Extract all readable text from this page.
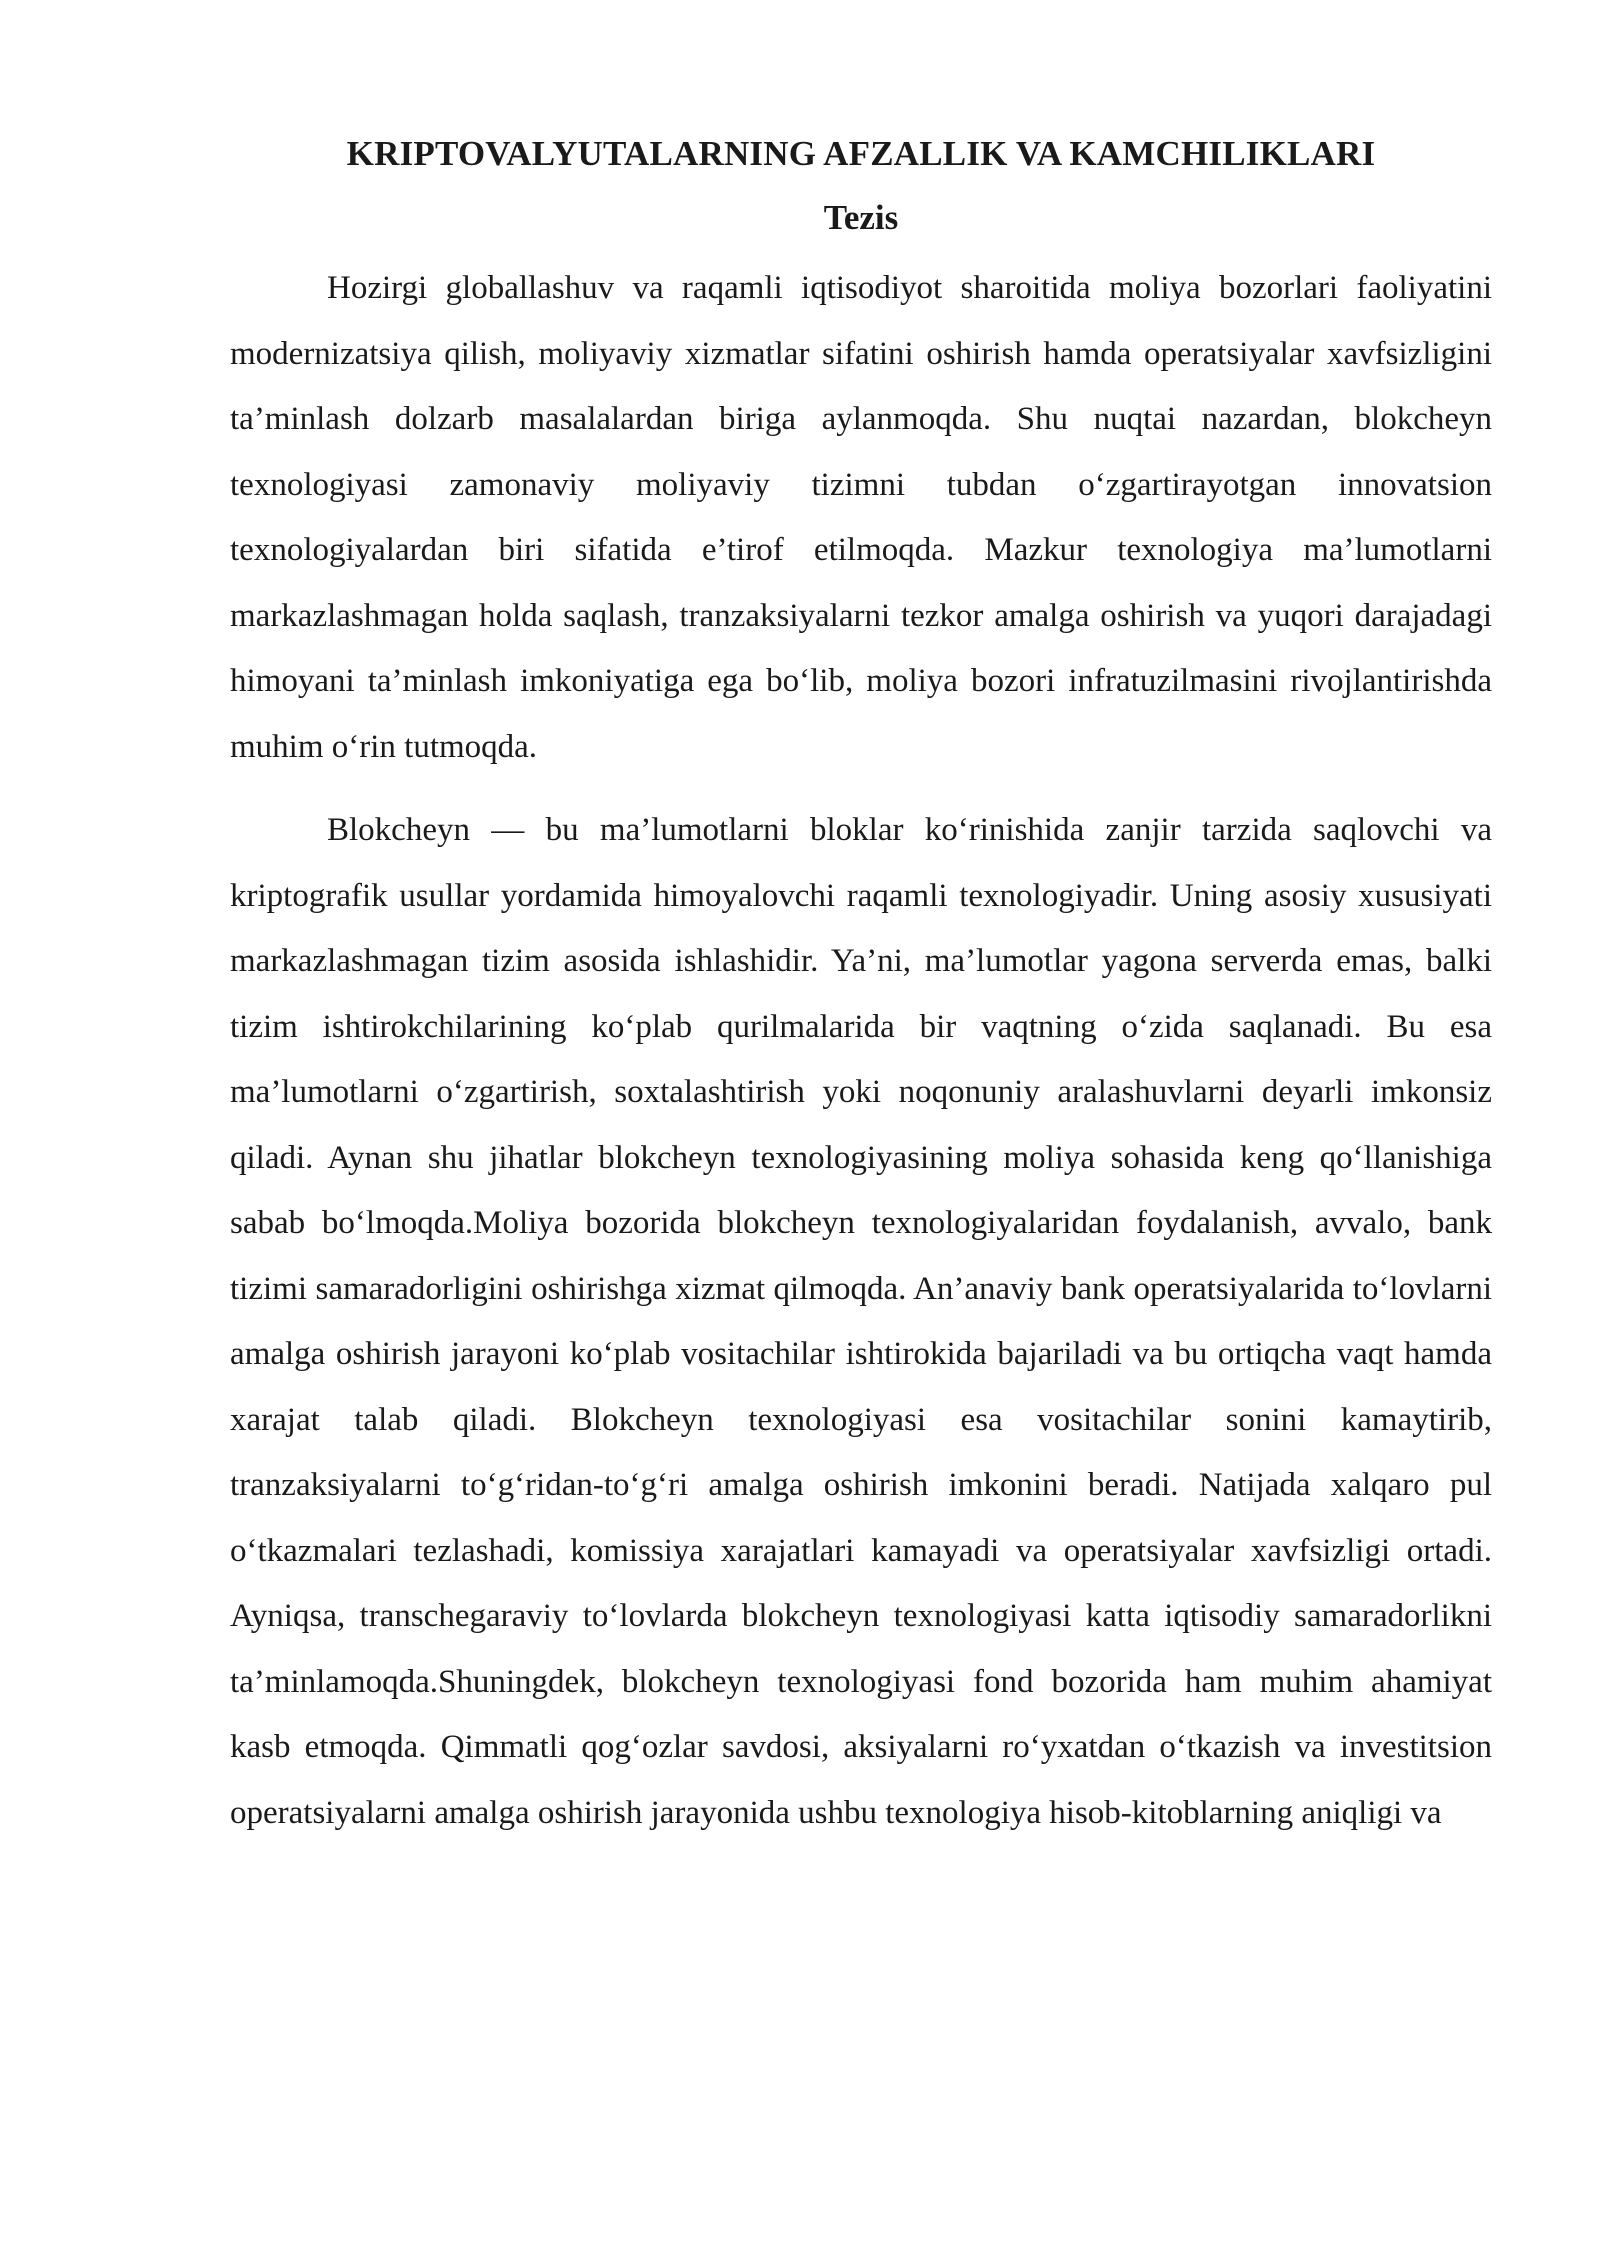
KRIPTOVALYUTALARNING AFZALLIK VA KAMCHILIKLARI
Tezis

Hozirgi globallashuv va raqamli iqtisodiyot sharoitida moliya bozorlari faoliyatini modernizatsiya qilish, moliyaviy xizmatlar sifatini oshirish hamda operatsiyalar xavfsizligini ta’minlash dolzarb masalalardan biriga aylanmoqda. Shu nuqtai nazardan, blokcheyn texnologiyasi zamonaviy moliyaviy tizimni tubdan o‘zgartirayotgan innovatsion texnologiyalardan biri sifatida e’tirof etilmoqda. Mazkur texnologiya ma’lumotlarni markazlashmagan holda saqlash, tranzaksiyalarni tezkor amalga oshirish va yuqori darajadagi himoyani ta’minlash imkoniyatiga ega bo‘lib, moliya bozori infratuzilmasini rivojlantirishda muhim o‘rin tutmoqda.

Blokcheyn — bu ma’lumotlarni bloklar ko‘rinishida zanjir tarzida saqlovchi va kriptografik usullar yordamida himoyalovchi raqamli texnologiyadir. Uning asosiy xususiyati markazlashmagan tizim asosida ishlashidir. Ya’ni, ma’lumotlar yagona serverda emas, balki tizim ishtirokchilarining ko‘plab qurilmalarida bir vaqtning o‘zida saqlanadi. Bu esa ma’lumotlarni o‘zgartirish, soxtalashtirish yoki noqonuniy aralashuvlarni deyarli imkonsiz qiladi. Aynan shu jihatlar blokcheyn texnologiyasining moliya sohasida keng qo‘llanishiga sabab bo‘lmoqda.Moliya bozorida blokcheyn texnologiyalaridan foydalanish, avvalo, bank tizimi samaradorligini oshirishga xizmat qilmoqda. An’anaviy bank operatsiyalarida to‘lovlarni amalga oshirish jarayoni ko‘plab vositachilar ishtirokida bajariladi va bu ortiqcha vaqt hamda xarajat talab qiladi. Blokcheyn texnologiyasi esa vositachilar sonini kamaytirib, tranzaksiyalarni to‘g‘ridan-to‘g‘ri amalga oshirish imkonini beradi. Natijada xalqaro pul o‘tkazmalari tezlashadi, komissiya xarajatlari kamayadi va operatsiyalar xavfsizligi ortadi. Ayniqsa, transchegaraviy to‘lovlarda blokcheyn texnologiyasi katta iqtisodiy samaradorlikni ta’minlamoqda.Shuningdek, blokcheyn texnologiyasi fond bozorida ham muhim ahamiyat kasb etmoqda. Qimmatli qog‘ozlar savdosi, aksiyalarni ro‘yxatdan o‘tkazish va investitsion operatsiyalarni amalga oshirish jarayonida ushbu texnologiya hisob-kitoblarning aniqligi va
